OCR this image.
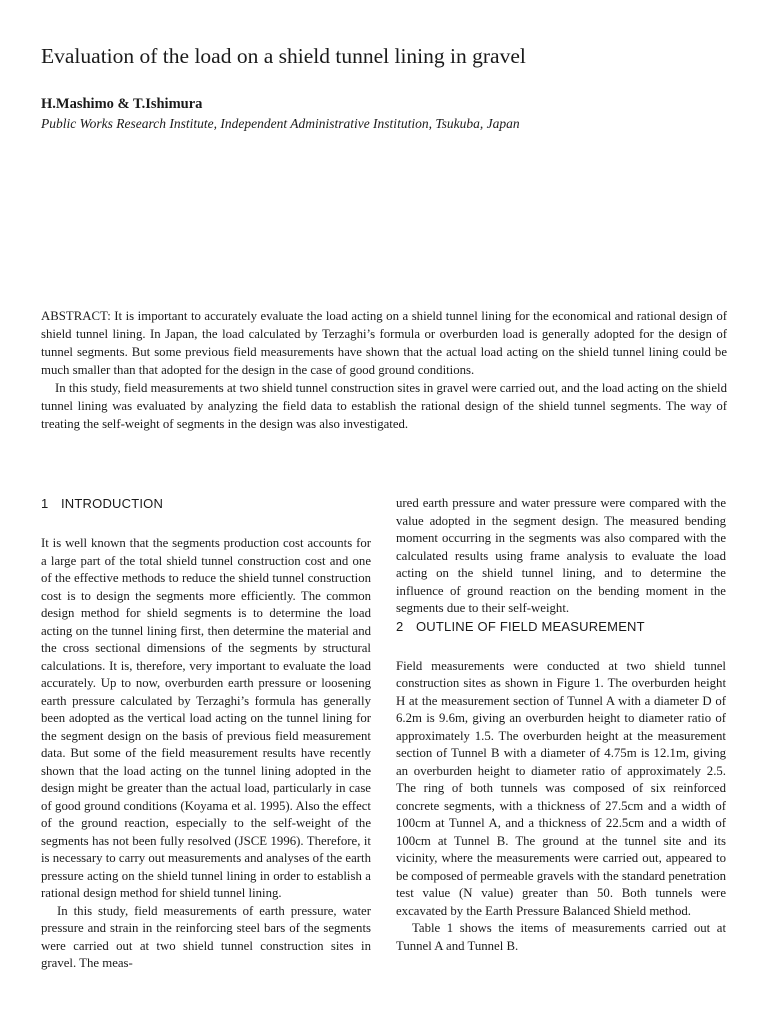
Evaluation of the load on a shield tunnel lining in gravel
H.Mashimo & T.Ishimura
Public Works Research Institute, Independent Administrative Institution, Tsukuba, Japan

ABSTRACT: It is important to accurately evaluate the load acting on a shield tunnel lining for the economical and rational design of shield tunnel lining. In Japan, the load calculated by Terzaghi’s formula or overburden load is generally adopted for the design of tunnel segments. But some previous field measurements have shown that the actual load acting on the shield tunnel lining could be much smaller than that adopted for the design in the case of good ground conditions.

In this study, field measurements at two shield tunnel construction sites in gravel were carried out, and the load acting on the shield tunnel lining was evaluated by analyzing the field data to establish the rational design of the shield tunnel segments. The way of treating the self-weight of segments in the design was also investigated.

1 INTRODUCTION

It is well known that the segments production cost accounts for a large part of the total shield tunnel construction cost and one of the effective methods to reduce the shield tunnel construction cost is to design the segments more efficiently. The common design method for shield segments is to determine the load acting on the tunnel lining first, then determine the material and the cross sectional dimensions of the segments by structural calculations. It is, therefore, very important to evaluate the load accurately. Up to now, overburden earth pressure or loosening earth pressure calculated by Terzaghi’s formula has generally been adopted as the vertical load acting on the tunnel lining for the segment design on the basis of previous field measurement data. But some of the field measurement results have recently shown that the load acting on the tunnel lining adopted in the design might be greater than the actual load, particularly in case of good ground conditions (Koyama et al. 1995). Also the effect of the ground reaction, especially to the self-weight of the segments has not been fully resolved (JSCE 1996). Therefore, it is necessary to carry out measurements and analyses of the earth pressure acting on the shield tunnel lining in order to establish a rational design method for shield tunnel lining.

In this study, field measurements of earth pressure, water pressure and strain in the reinforcing steel bars of the segments were carried out at two shield tunnel construction sites in gravel. The meas-

ured earth pressure and water pressure were compared with the value adopted in the segment design. The measured bending moment occurring in the segments was also compared with the calculated results using frame analysis to evaluate the load acting on the shield tunnel lining, and to determine the influence of ground reaction on the bending moment in the segments due to their self-weight.

2 OUTLINE OF FIELD MEASUREMENT

Field measurements were conducted at two shield tunnel construction sites as shown in Figure 1. The overburden height H at the measurement section of Tunnel A with a diameter D of 6.2m is 9.6m, giving an overburden height to diameter ratio of approximately 1.5. The overburden height at the measurement section of Tunnel B with a diameter of 4.75m is 12.1m, giving an overburden height to diameter ratio of approximately 2.5. The ring of both tunnels was composed of six reinforced concrete segments, with a thickness of 27.5cm and a width of 100cm at Tunnel A, and a thickness of 22.5cm and a width of 100cm at Tunnel B. The ground at the tunnel site and its vicinity, where the measurements were carried out, appeared to be composed of permeable gravels with the standard penetration test value (N value) greater than 50. Both tunnels were excavated by the Earth Pressure Balanced Shield method.

Table 1 shows the items of measurements carried out at Tunnel A and Tunnel B.
